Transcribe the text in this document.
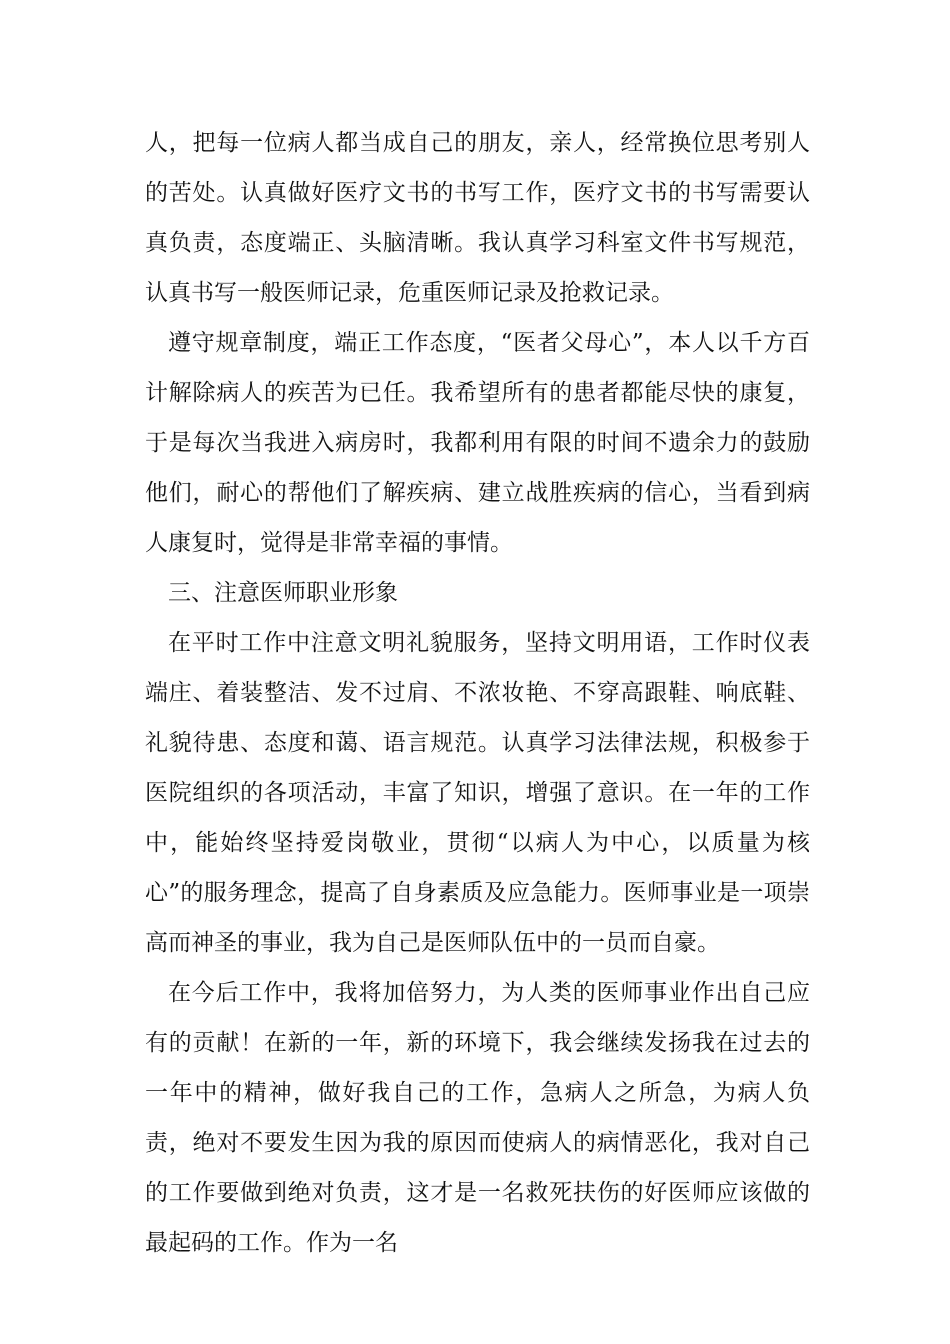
人，把每一位病人都当成自己的朋友，亲人，经常换位思考别人的苦处。认真做好医疗文书的书写工作，医疗文书的书写需要认真负责，态度端正、头脑清晰。我认真学习科室文件书写规范，认真书写一般医师记录，危重医师记录及抢救记录。

遵守规章制度，端正工作态度，“医者父母心”，本人以千方百计解除病人的疾苦为已任。我希望所有的患者都能尽快的康复，于是每次当我进入病房时，我都利用有限的时间不遗余力的鼓励他们，耐心的帮他们了解疾病、建立战胜疾病的信心，当看到病人康复时，觉得是非常幸福的事情。

三、注意医师职业形象

在平时工作中注意文明礼貌服务，坚持文明用语，工作时仪表端庄、着装整洁、发不过肩、不浓妆艳、不穿高跟鞋、响底鞋、礼貌待患、态度和蔼、语言规范。认真学习法律法规，积极参于医院组织的各项活动，丰富了知识，增强了意识。在一年的工作中，能始终坚持爱岗敬业，贯彻“以病人为中心，以质量为核心”的服务理念，提高了自身素质及应急能力。医师事业是一项崇高而神圣的事业，我为自己是医师队伍中的一员而自豪。

在今后工作中，我将加倍努力，为人类的医师事业作出自己应有的贡献！在新的一年，新的环境下，我会继续发扬我在过去的一年中的精神，做好我自己的工作，急病人之所急，为病人负责，绝对不要发生因为我的原因而使病人的病情恶化，我对自己的工作要做到绝对负责，这才是一名救死扶伤的好医师应该做的最起码的工作。作为一名
